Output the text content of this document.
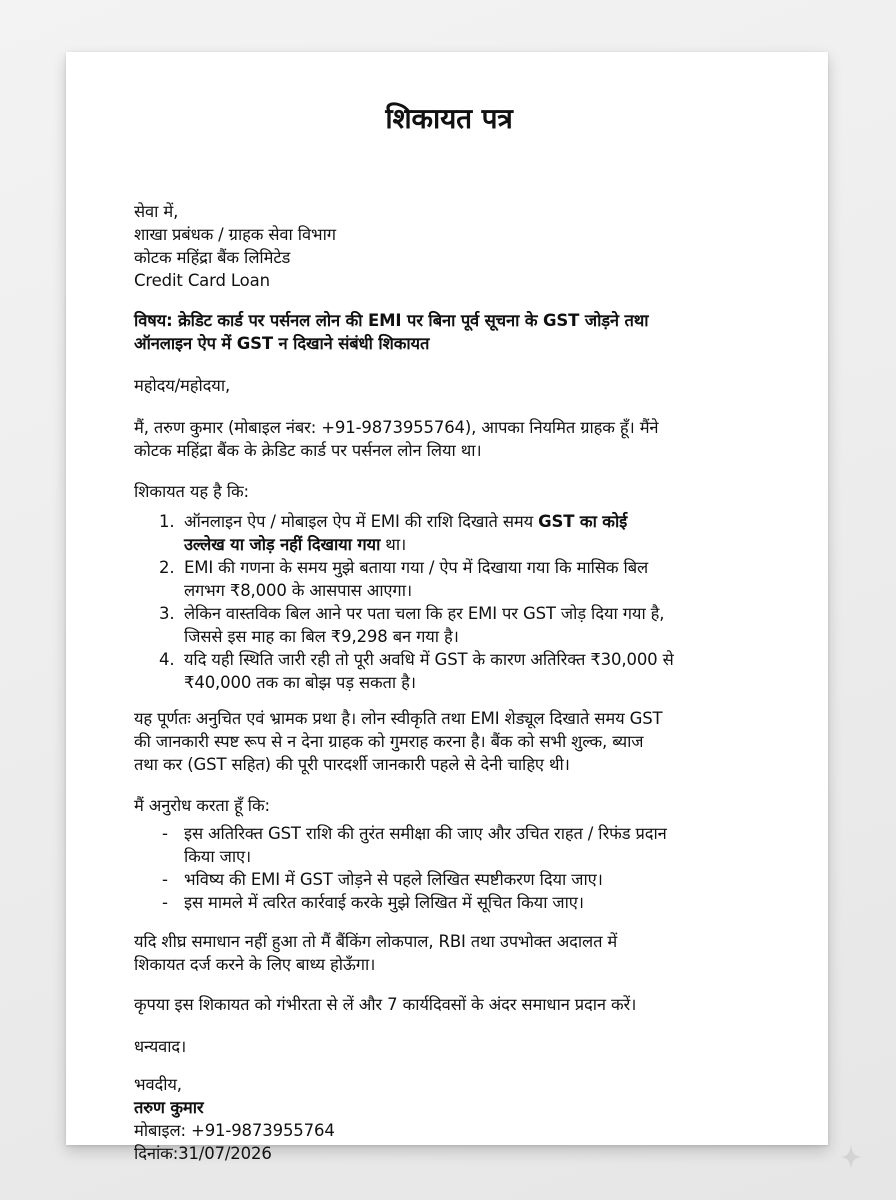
शिकायत पत्र
सेवा में,
शाखा प्रबंधक / ग्राहक सेवा विभाग
कोटक महिंद्रा बैंक लिमिटेड
Credit Card Loan
विषय: क्रेडिट कार्ड पर पर्सनल लोन की EMI पर बिना पूर्व सूचना के GST जोड़ने तथा
ऑनलाइन ऐप में GST न दिखाने संबंधी शिकायत
महोदय/महोदया,
मैं, तरुण कुमार (मोबाइल नंबर: +91-9873955764), आपका नियमित ग्राहक हूँ। मैंने
कोटक महिंद्रा बैंक के क्रेडिट कार्ड पर पर्सनल लोन लिया था।
शिकायत यह है कि:
1. ऑनलाइन ऐप / मोबाइल ऐप में EMI की राशि दिखाते समय GST का कोई
उल्लेख या जोड़ नहीं दिखाया गया था।
2. EMI की गणना के समय मुझे बताया गया / ऐप में दिखाया गया कि मासिक बिल
लगभग ₹8,000 के आसपास आएगा।
3. लेकिन वास्तविक बिल आने पर पता चला कि हर EMI पर GST जोड़ दिया गया है,
जिससे इस माह का बिल ₹9,298 बन गया है।
4. यदि यही स्थिति जारी रही तो पूरी अवधि में GST के कारण अतिरिक्त ₹30,000 से
₹40,000 तक का बोझ पड़ सकता है।
यह पूर्णतः अनुचित एवं भ्रामक प्रथा है। लोन स्वीकृति तथा EMI शेड्यूल दिखाते समय GST
की जानकारी स्पष्ट रूप से न देना ग्राहक को गुमराह करना है। बैंक को सभी शुल्क, ब्याज
तथा कर (GST सहित) की पूरी पारदर्शी जानकारी पहले से देनी चाहिए थी।
मैं अनुरोध करता हूँ कि:
- इस अतिरिक्त GST राशि की तुरंत समीक्षा की जाए और उचित राहत / रिफंड प्रदान
किया जाए।
- भविष्य की EMI में GST जोड़ने से पहले लिखित स्पष्टीकरण दिया जाए।
- इस मामले में त्वरित कार्रवाई करके मुझे लिखित में सूचित किया जाए।
यदि शीघ्र समाधान नहीं हुआ तो मैं बैंकिंग लोकपाल, RBI तथा उपभोक्त अदालत में
शिकायत दर्ज करने के लिए बाध्य होऊँगा।
कृपया इस शिकायत को गंभीरता से लें और 7 कार्यदिवसों के अंदर समाधान प्रदान करें।
धन्यवाद।
भवदीय,
तरुण कुमार
मोबाइल: +91-9873955764
दिनांक:31/07/2026
